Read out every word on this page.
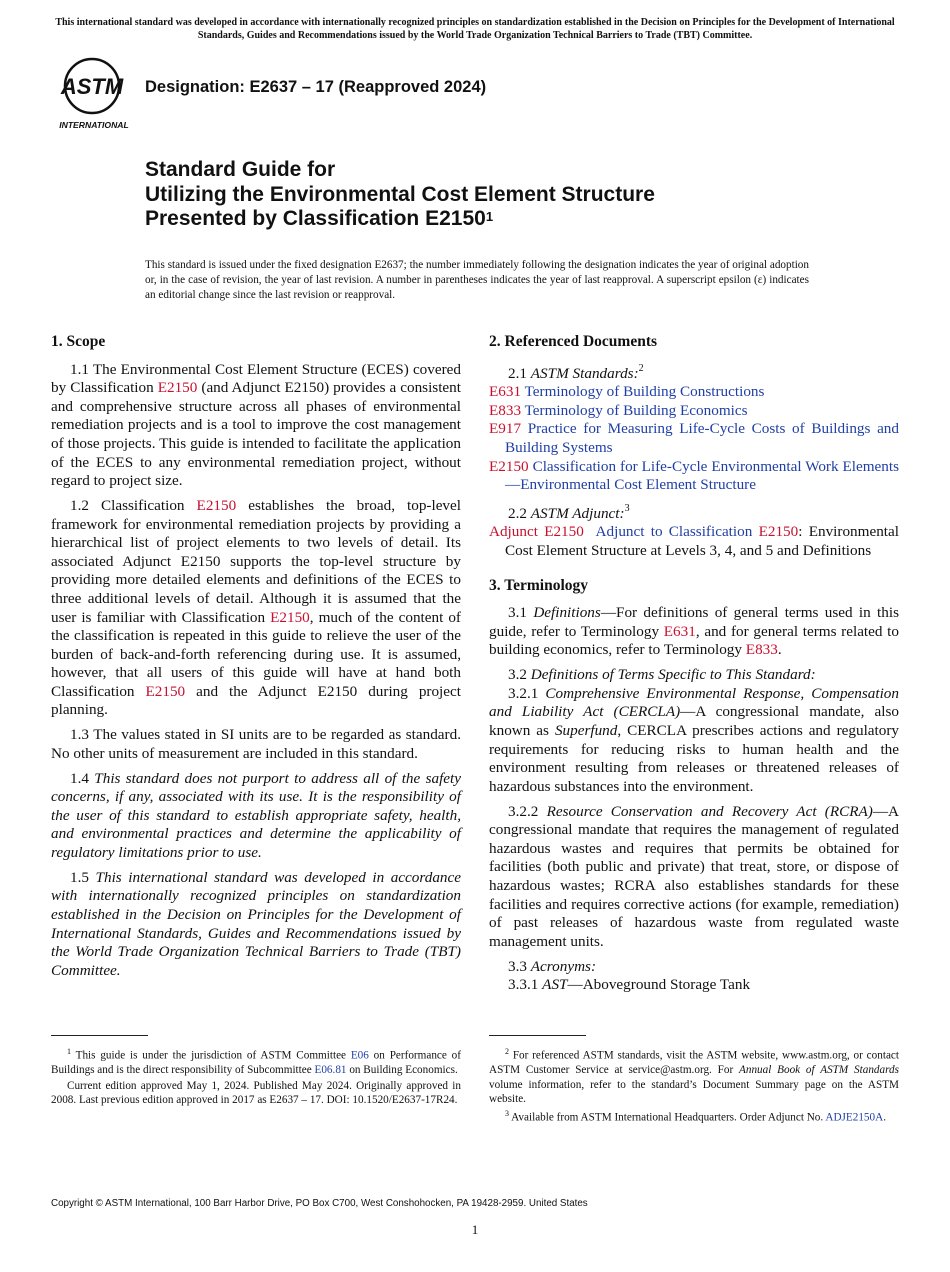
This international standard was developed in accordance with internationally recognized principles on standardization established in the Decision on Principles for the Development of International Standards, Guides and Recommendations issued by the World Trade Organization Technical Barriers to Trade (TBT) Committee.
ASTM
INTERNATIONAL
Designation: E2637 – 17 (Reapproved 2024)
Standard Guide for
Utilizing the Environmental Cost Element Structure
Presented by Classification E2150$^1$
This standard is issued under the fixed designation E2637; the number immediately following the designation indicates the year of original adoption or, in the case of revision, the year of last revision. A number in parentheses indicates the year of last reapproval. A superscript epsilon (ε) indicates an editorial change since the last revision or reapproval.
1. Scope

1.1 The Environmental Cost Element Structure (ECES) covered by Classification E2150 (and Adjunct E2150) provides a consistent and comprehensive structure across all phases of environmental remediation projects and is a tool to improve the cost management of those projects. This guide is intended to facilitate the application of the ECES to any environmental remediation project, without regard to project size.

1.2 Classification E2150 establishes the broad, top-level framework for environmental remediation projects by providing a hierarchical list of project elements to two levels of detail. Its associated Adjunct E2150 supports the top-level structure by providing more detailed elements and definitions of the ECES to three additional levels of detail. Although it is assumed that the user is familiar with Classification E2150, much of the content of the classification is repeated in this guide to relieve the user of the burden of back-and-forth referencing during use. It is assumed, however, that all users of this guide will have at hand both Classification E2150 and the Adjunct E2150 during project planning.

1.3 The values stated in SI units are to be regarded as standard. No other units of measurement are included in this standard.

1.4 This standard does not purport to address all of the safety concerns, if any, associated with its use. It is the responsibility of the user of this standard to establish appropriate safety, health, and environmental practices and determine the applicability of regulatory limitations prior to use.

1.5 This international standard was developed in accordance with internationally recognized principles on standardization established in the Decision on Principles for the Development of International Standards, Guides and Recommendations issued by the World Trade Organization Technical Barriers to Trade (TBT) Committee.

2. Referenced Documents

2.1 ASTM Standards:$^2$

E631 Terminology of Building Constructions
E833 Terminology of Building Economics
E917 Practice for Measuring Life-Cycle Costs of Buildings and Building Systems
E2150 Classification for Life-Cycle Environmental Work Elements—Environmental Cost Element Structure

2.2 ASTM Adjunct:$^3$

Adjunct E2150 Adjunct to Classification E2150: Environmental Cost Element Structure at Levels 3, 4, and 5 and Definitions
3. Terminology

3.1 Definitions—For definitions of general terms used in this guide, refer to Terminology E631, and for general terms related to building economics, refer to Terminology E833.

3.2 Definitions of Terms Specific to This Standard:

3.2.1 Comprehensive Environmental Response, Compensation and Liability Act (CERCLA)—A congressional mandate, also known as Superfund, CERCLA prescribes actions and regulatory requirements for reducing risks to human health and the environment resulting from releases or threatened releases of hazardous substances into the environment.

3.2.2 Resource Conservation and Recovery Act (RCRA)—A congressional mandate that requires the management of regulated hazardous wastes and requires that permits be obtained for facilities (both public and private) that treat, store, or dispose of hazardous wastes; RCRA also establishes standards for these facilities and requires corrective actions (for example, remediation) of past releases of hazardous waste from regulated waste management units.

3.3 Acronyms:

3.3.1 AST—Aboveground Storage Tank

$^1$ This guide is under the jurisdiction of ASTM Committee E06 on Performance of Buildings and is the direct responsibility of Subcommittee E06.81 on Building Economics.

Current edition approved May 1, 2024. Published May 2024. Originally approved in 2008. Last previous edition approved in 2017 as E2637 – 17. DOI: 10.1520/E2637-17R24.

$^2$ For referenced ASTM standards, visit the ASTM website, www.astm.org, or contact ASTM Customer Service at service@astm.org. For Annual Book of ASTM Standards volume information, refer to the standard’s Document Summary page on the ASTM website.

$^3$ Available from ASTM International Headquarters. Order Adjunct No. ADJE2150A.

Copyright © ASTM International, 100 Barr Harbor Drive, PO Box C700, West Conshohocken, PA 19428-2959. United States
1
